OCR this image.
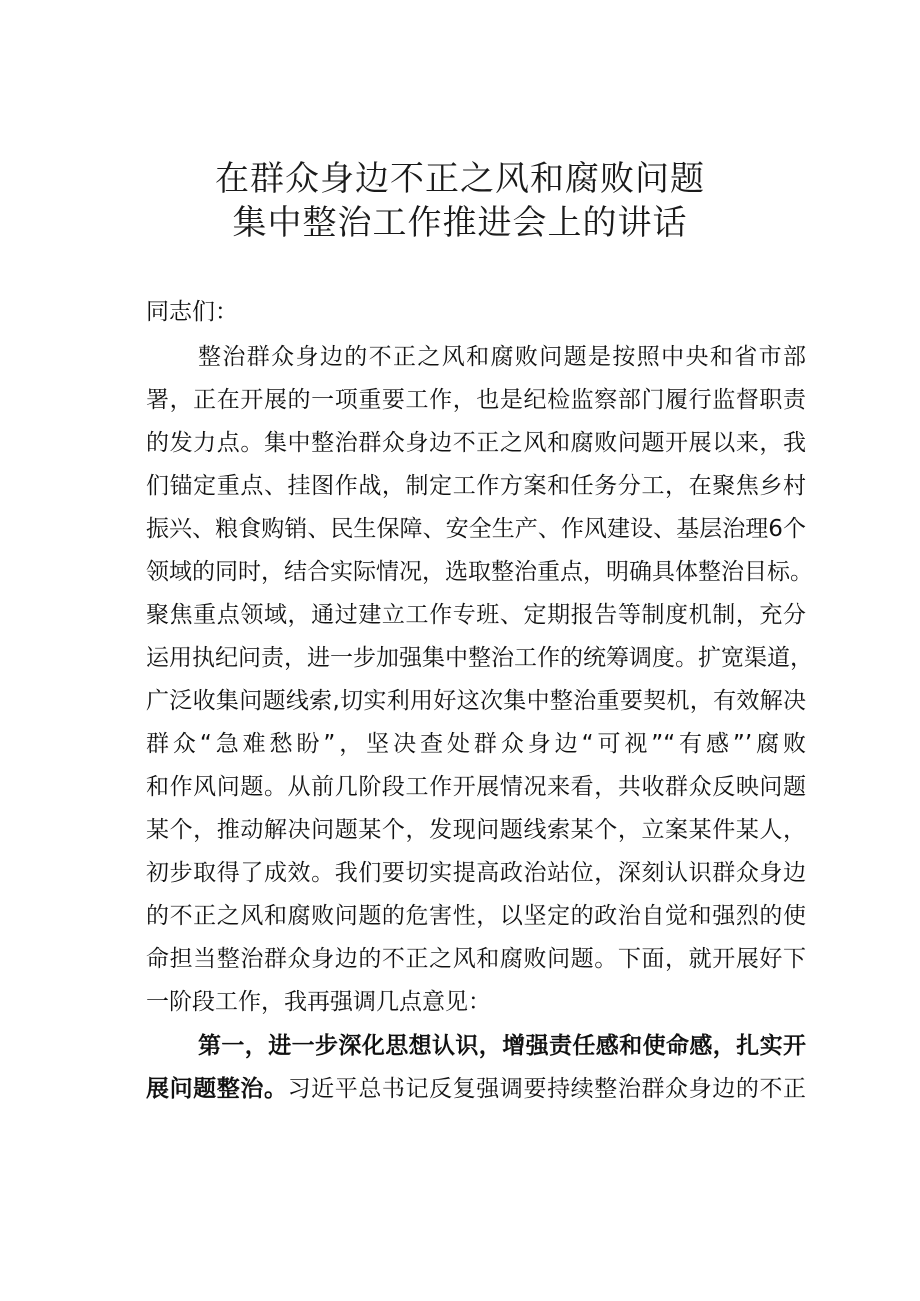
在群众身边不正之风和腐败问题
集中整治工作推进会上的讲话
同志们：
整治群众身边的不正之风和腐败问题是按照中央和省市部
署，正在开展的一项重要工作，也是纪检监察部门履行监督职责
的发力点。集中整治群众身边不正之风和腐败问题开展以来，我
们锚定重点、挂图作战，制定工作方案和任务分工，在聚焦乡村
振兴、粮食购销、民生保障、安全生产、作风建设、基层治理6个
领域的同时，结合实际情况，选取整治重点，明确具体整治目标。
聚焦重点领域，通过建立工作专班、定期报告等制度机制，充分
运用执纪问责，进一步加强集中整治工作的统筹调度。扩宽渠道，
广泛收集问题线索,切实利用好这次集中整治重要契机，有效解决
群众“急难愁盼”，坚决查处群众身边“可视”“有感”’腐败
和作风问题。从前几阶段工作开展情况来看，共收群众反映问题
某个，推动解决问题某个，发现问题线索某个，立案某件某人，
初步取得了成效。我们要切实提高政治站位，深刻认识群众身边
的不正之风和腐败问题的危害性，以坚定的政治自觉和强烈的使
命担当整治群众身边的不正之风和腐败问题。下面，就开展好下
一阶段工作，我再强调几点意见：
第一，进一步深化思想认识，增强责任感和使命感，扎实开
展问题整治。习近平总书记反复强调要持续整治群众身边的不正
